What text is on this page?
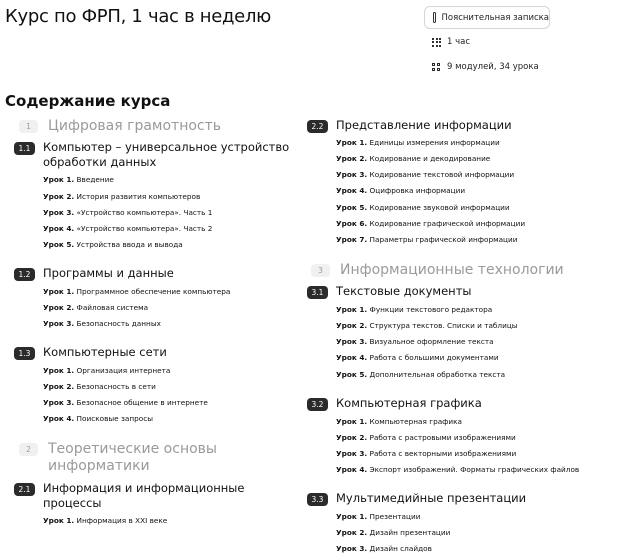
Курс по ФРП, 1 час в неделю	Пояснительная записка
1 час
9 модулей, 34 урока
Содержание курса
1	Цифровая грамотность
1.1	Компьютер – универсальное устройство обработки данных
Урок 1. Введение
Урок 2. История развития компьютеров
Урок 3. «Устройство компьютера». Часть 1
Урок 4. «Устройство компьютера». Часть 2
Урок 5. Устройства ввода и вывода
1.2	Программы и данные
Урок 1. Программное обеспечение компьютера
Урок 2. Файловая система
Урок 3. Безопасность данных
1.3	Компьютерные сети
Урок 1. Организация интернета
Урок 2. Безопасность в сети
Урок 3. Безопасное общение в интернете
Урок 4. Поисковые запросы
2	Теоретические основы информатики
2.1	Информация и информационные процессы
Урок 1. Информация в XXI веке
2.2	Представление информации
Урок 1. Единицы измерения информации
Урок 2. Кодирование и декодирование
Урок 3. Кодирование текстовой информации
Урок 4. Оцифровка информации
Урок 5. Кодирование звуковой информации
Урок 6. Кодирование графической информации
Урок 7. Параметры графической информации
3	Информационные технологии
3.1	Текстовые документы
Урок 1. Функции текстового редактора
Урок 2. Структура текстов. Списки и таблицы
Урок 3. Визуальное оформление текста
Урок 4. Работа с большими документами
Урок 5. Дополнительная обработка текста
3.2	Компьютерная графика
Урок 1. Компьютерная графика
Урок 2. Работа с растровыми изображениями
Урок 3. Работа с векторными изображениями
Урок 4. Экспорт изображений. Форматы графических файлов
3.3	Мультимедийные презентации
Урок 1. Презентации
Урок 2. Дизайн презентации
Урок 3. Дизайн слайдов
